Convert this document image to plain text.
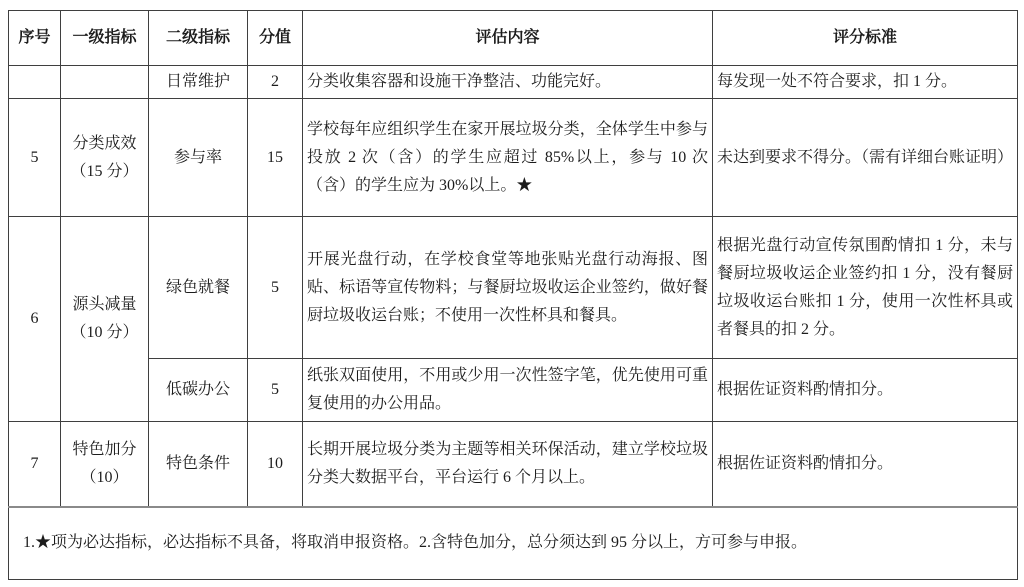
序号	一级指标	二级指标	分值	评估内容	评分标准
		日常维护	2	分类收集容器和设施干净整洁、功能完好。	每发现一处不符合要求，扣 1 分。
5	分类成效（15 分）	参与率	15	学校每年应组织学生在家开展垃圾分类，全体学生中参与投放 2 次（含）的学生应超过 85%以上，参与 10 次（含）的学生应为 30%以上。★	未达到要求不得分。（需有详细台账证明）
6	源头减量 （10 分）	绿色就餐	5	开展光盘行动，在学校食堂等地张贴光盘行动海报、图贴、标语等宣传物料；与餐厨垃圾收运企业签约，做好餐厨垃圾收运台账；不使用一次性杯具和餐具。	根据光盘行动宣传氛围酌情扣 1 分，未与餐厨垃圾收运企业签约扣 1 分，没有餐厨垃圾收运台账扣 1 分，使用一次性杯具或者餐具的扣 2 分。
		低碳办公	5	纸张双面使用，不用或少用一次性签字笔，优先使用可重复使用的办公用品。	根据佐证资料酌情扣分。
7	特色加分（10）	特色条件	10	长期开展垃圾分类为主题等相关环保活动，建立学校垃圾分类大数据平台，平台运行 6 个月以上。	根据佐证资料酌情扣分。
1.★项为必达指标，必达指标不具备，将取消申报资格。2.含特色加分，总分须达到 95 分以上，方可参与申报。					
